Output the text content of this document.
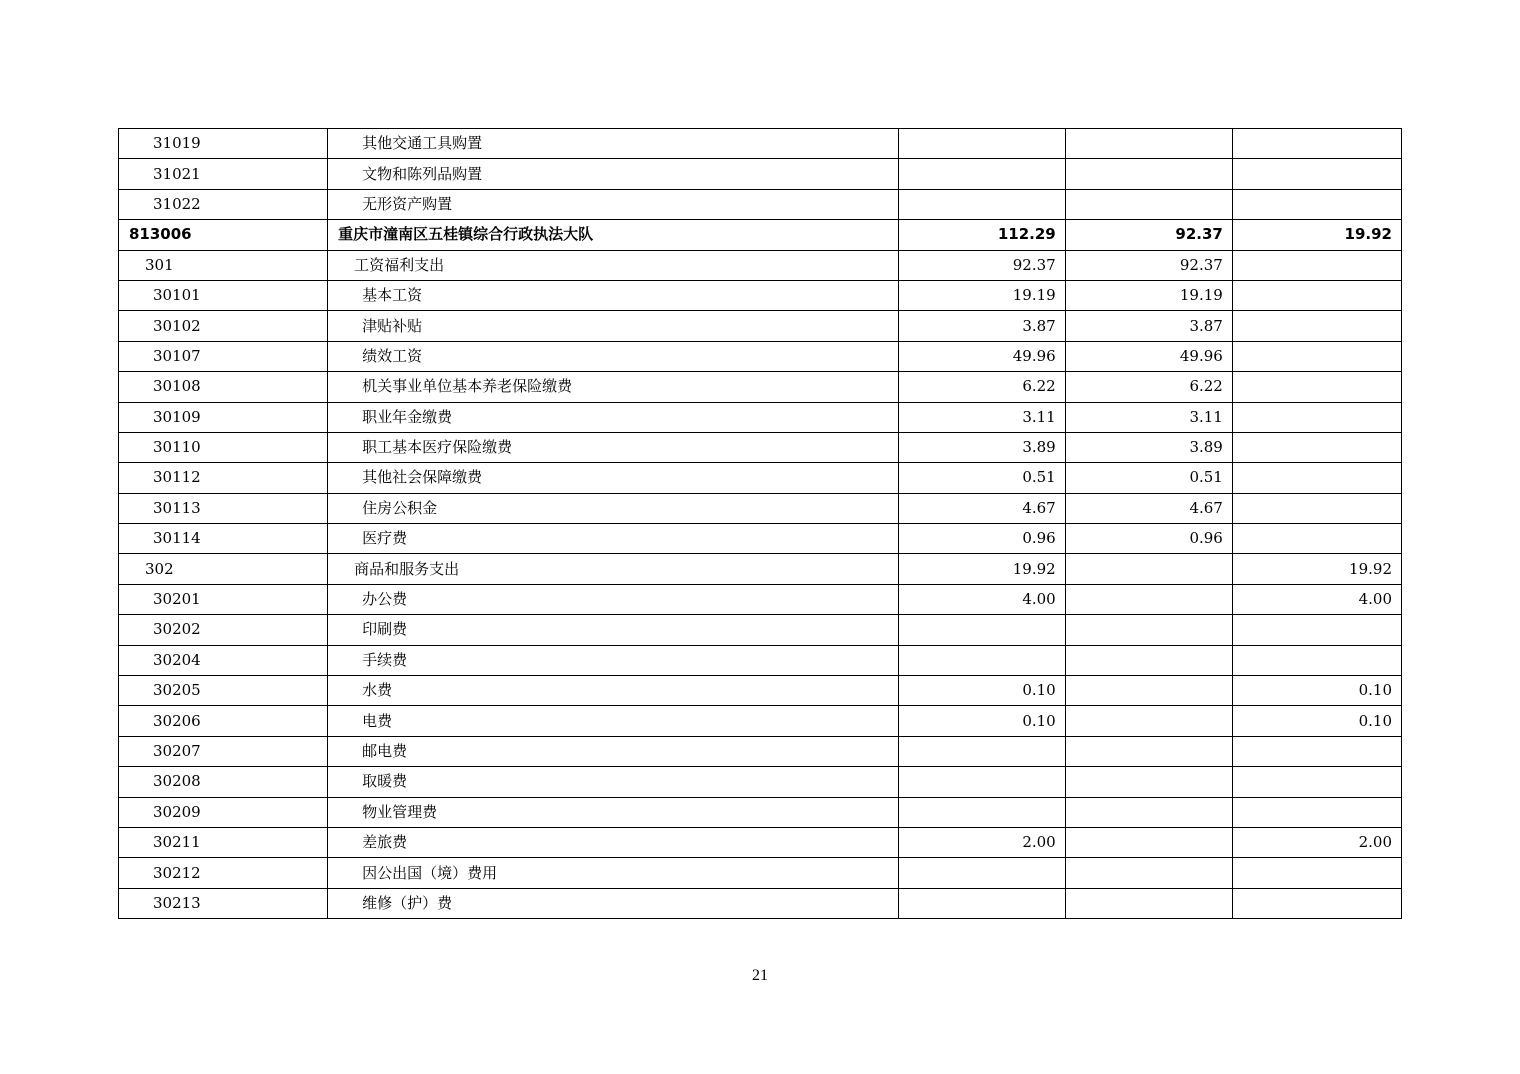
31019	其他交通工具购置			
31021	文物和陈列品购置			
31022	无形资产购置			
813006	重庆市潼南区五桂镇综合行政执法大队	112.29	92.37	19.92
301	工资福利支出	92.37	92.37	
30101	基本工资	19.19	19.19	
30102	津贴补贴	3.87	3.87	
30107	绩效工资	49.96	49.96	
30108	机关事业单位基本养老保险缴费	6.22	6.22	
30109	职业年金缴费	3.11	3.11	
30110	职工基本医疗保险缴费	3.89	3.89	
30112	其他社会保障缴费	0.51	0.51	
30113	住房公积金	4.67	4.67	
30114	医疗费	0.96	0.96	
302	商品和服务支出	19.92		19.92
30201	办公费	4.00		4.00
30202	印刷费			
30204	手续费			
30205	水费	0.10		0.10
30206	电费	0.10		0.10
30207	邮电费			
30208	取暖费			
30209	物业管理费			
30211	差旅费	2.00		2.00
30212	因公出国（境）费用			
30213	维修（护）费			
21
